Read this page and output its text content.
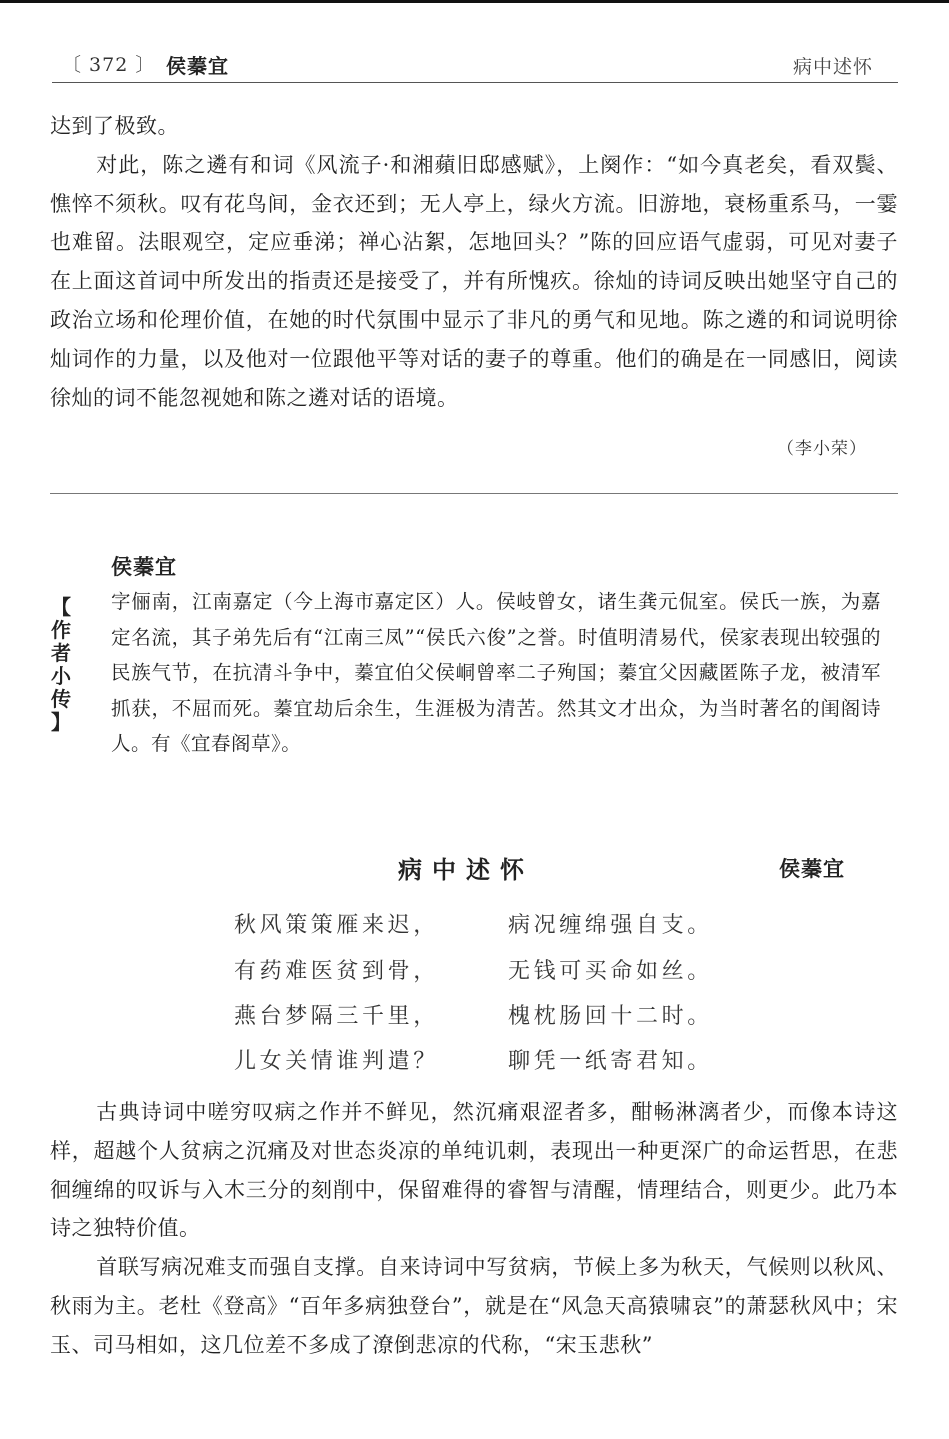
〔 372 〕 侯蓁宜	病中述怀

达到了极致。

对此，陈之遴有和词《风流子·和湘蘋旧邸感赋》，上阕作：“如今真老矣，看双鬓、憔悴不须秋。叹有花鸟间，金衣还到；无人亭上，绿火方流。旧游地，衰杨重系马，一霎也难留。法眼观空，定应垂涕；禅心沾絮，怎地回头？”陈的回应语气虚弱，可见对妻子在上面这首词中所发出的指责还是接受了，并有所愧疚。徐灿的诗词反映出她坚守自己的政治立场和伦理价值，在她的时代氛围中显示了非凡的勇气和见地。陈之遴的和词说明徐灿词作的力量，以及他对一位跟他平等对话的妻子的尊重。他们的确是在一同感旧，阅读徐灿的词不能忽视她和陈之遴对话的语境。

（李小荣）
侯蓁宜
【
作
者
小
传
】

字俪南，江南嘉定（今上海市嘉定区）人。侯岐曾女，诸生龚元侃室。侯氏一族，为嘉定名流，其子弟先后有“江南三凤”“侯氏六俊”之誉。时值明清易代，侯家表现出较强的民族气节，在抗清斗争中，蓁宜伯父侯峒曾率二子殉国；蓁宜父因藏匿陈子龙，被清军抓获，不屈而死。蓁宜劫后余生，生涯极为清苦。然其文才出众，为当时著名的闺阁诗人。有《宜春阁草》。

病中述怀	侯蓁宜
秋风策策雁来迟，	病况缠绵强自支。
有药难医贫到骨，	无钱可买命如丝。
燕台梦隔三千里，	槐枕肠回十二时。
儿女关情谁判遣？	聊凭一纸寄君知。

古典诗词中嗟穷叹病之作并不鲜见，然沉痛艰涩者多，酣畅淋漓者少，而像本诗这样，超越个人贫病之沉痛及对世态炎凉的单纯讥刺，表现出一种更深广的命运哲思，在悲徊缠绵的叹诉与入木三分的刻削中，保留难得的睿智与清醒，情理结合，则更少。此乃本诗之独特价值。

首联写病况难支而强自支撑。自来诗词中写贫病，节候上多为秋天，气候则以秋风、秋雨为主。老杜《登高》“百年多病独登台”，就是在“风急天高猿啸哀”的萧瑟秋风中；宋玉、司马相如，这几位差不多成了潦倒悲凉的代称，“宋玉悲秋”
